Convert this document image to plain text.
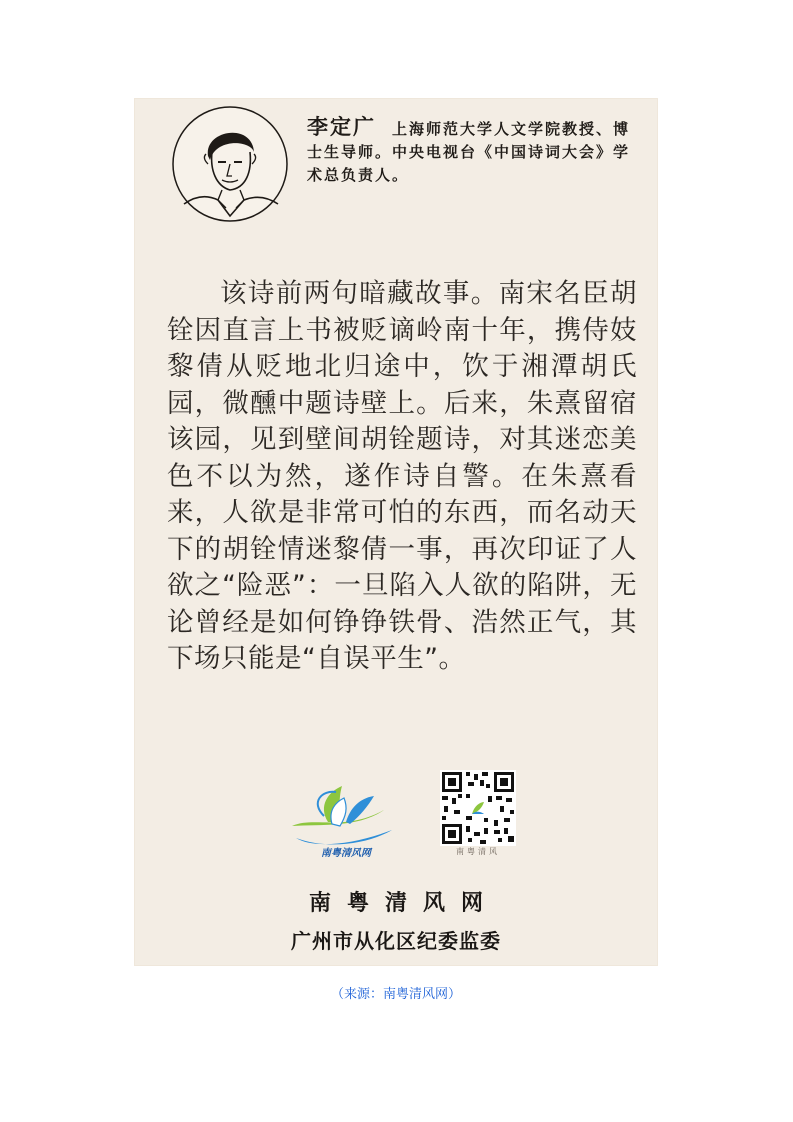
李定广 上海师范大学人文学院教授、博士生导师。中央电视台《中国诗词大会》学术总负责人。
该诗前两句暗藏故事。南宋名臣胡铨因直言上书被贬谪岭南十年，携侍妓黎倩从贬地北归途中，饮于湘潭胡氏园，微醺中题诗壁上。后来，朱熹留宿该园，见到壁间胡铨题诗，对其迷恋美色不以为然，遂作诗自警。在朱熹看来，人欲是非常可怕的东西，而名动天下的胡铨情迷黎倩一事，再次印证了人欲之“险恶”：一旦陷入人欲的陷阱，无论曾经是如何铮铮铁骨、浩然正气，其下场只能是“自误平生”。
南粤清风网	南粤清风
南粤清风网
广州市从化区纪委监委
（来源：南粤清风网）
